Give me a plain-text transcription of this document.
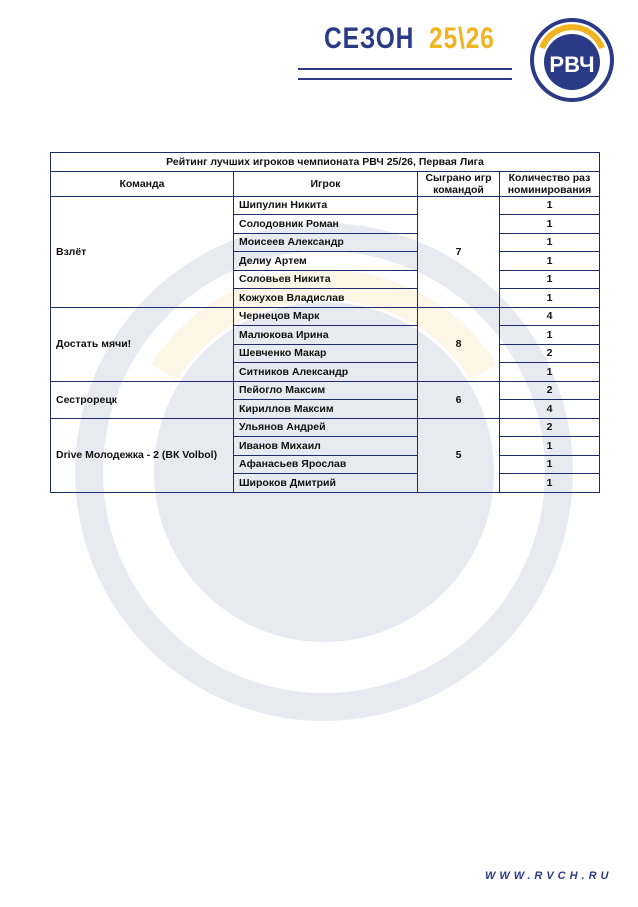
СЕЗОН 25\26
РВЧ
Рейтинг лучших игроков чемпионата РВЧ 25/26, Первая Лига			
Команда	Игрок	Сыграно игр командой	Количество раз номинирования
Взлёт	Шипулин Никита	7	1
	Солодовник Роман		1
	Моисеев Александр		1
	Делиу Артем		1
	Соловьев Никита		1
	Кожухов Владислав		1
Достать мячи!	Чернецов Марк	8	4
	Малюкова Ирина		1
	Шевченко Макар		2
	Ситников Александр		1
Сестрорецк	Пейогло Максим	6	2
	Кириллов Максим		4
Drive Молодежка - 2 (ВК Volbol)	Ульянов Андрей	5	2
	Иванов Михаил		1
	Афанасьев Ярослав		1
	Широков Дмитрий		1
WWW.RVCH.RU
